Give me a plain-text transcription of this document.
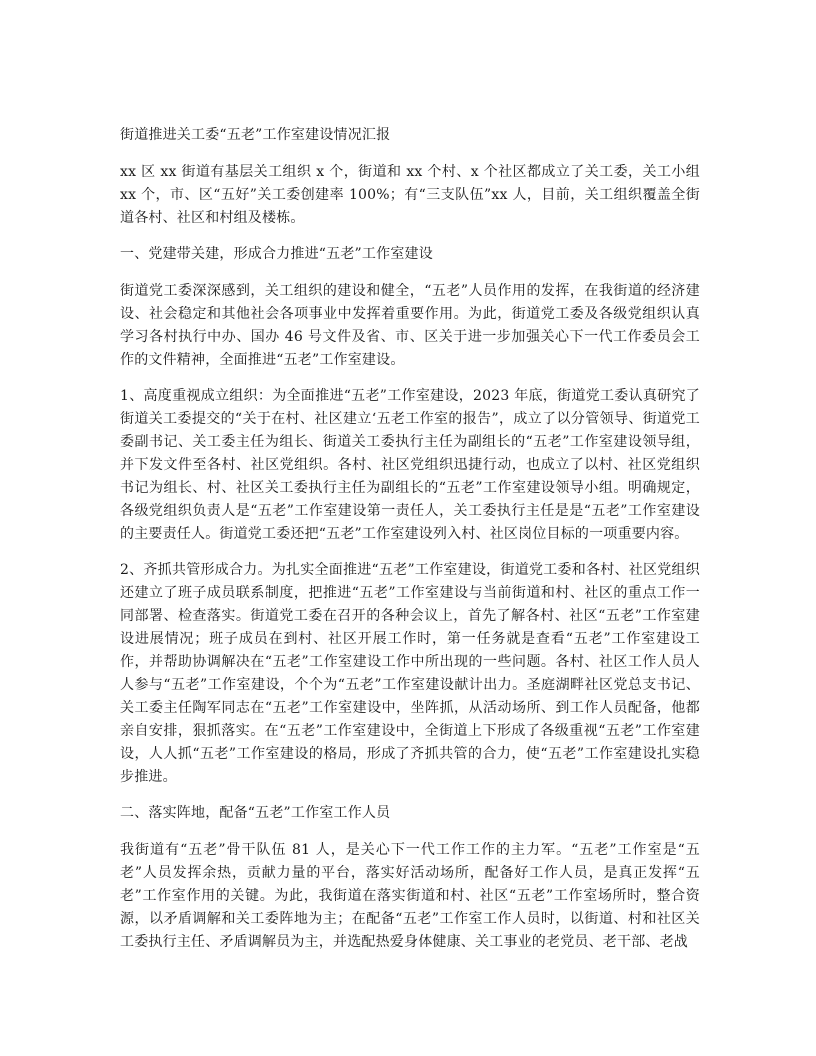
街道推进关工委“五老”工作室建设情况汇报

xx 区 xx 街道有基层关工组织 x 个，街道和 xx 个村、x 个社区都成立了关工委，关工小组 xx 个，市、区“五好”关工委创建率 100%；有“三支队伍”xx 人，目前，关工组织覆盖全街道各村、社区和村组及楼栋。

一、党建带关建，形成合力推进“五老”工作室建设

街道党工委深深感到，关工组织的建设和健全，“五老”人员作用的发挥，在我街道的经济建设、社会稳定和其他社会各项事业中发挥着重要作用。为此，街道党工委及各级党组织认真学习各村执行中办、国办 46 号文件及省、市、区关于进一步加强关心下一代工作委员会工作的文件精神，全面推进“五老”工作室建设。

1、高度重视成立组织：为全面推进“五老”工作室建设，2023 年底，街道党工委认真研究了街道关工委提交的“关于在村、社区建立‘五老工作室的报告”，成立了以分管领导、街道党工委副书记、关工委主任为组长、街道关工委执行主任为副组长的“五老”工作室建设领导组，并下发文件至各村、社区党组织。各村、社区党组织迅捷行动，也成立了以村、社区党组织书记为组长、村、社区关工委执行主任为副组长的“五老”工作室建设领导小组。明确规定，各级党组织负责人是“五老”工作室建设第一责任人，关工委执行主任是是“五老”工作室建设的主要责任人。街道党工委还把“五老”工作室建设列入村、社区岗位目标的一项重要内容。

2、齐抓共管形成合力。为扎实全面推进“五老”工作室建设，街道党工委和各村、社区党组织还建立了班子成员联系制度，把推进“五老”工作室建设与当前街道和村、社区的重点工作一同部署、检查落实。街道党工委在召开的各种会议上，首先了解各村、社区“五老”工作室建设进展情况；班子成员在到村、社区开展工作时，第一任务就是查看“五老”工作室建设工作，并帮助协调解决在“五老”工作室建设工作中所出现的一些问题。各村、社区工作人员人人参与“五老”工作室建设，个个为“五老”工作室建设献计出力。圣庭湖畔社区党总支书记、关工委主任陶军同志在“五老”工作室建设中，坐阵抓，从活动场所、到工作人员配备，他都亲自安排，狠抓落实。在“五老”工作室建设中，全街道上下形成了各级重视“五老”工作室建设，人人抓“五老”工作室建设的格局，形成了齐抓共管的合力，使“五老”工作室建设扎实稳步推进。

二、落实阵地，配备“五老”工作室工作人员

我街道有“五老”骨干队伍 81 人，是关心下一代工作工作的主力军。“五老”工作室是“五老”人员发挥余热，贡献力量的平台，落实好活动场所，配备好工作人员，是真正发挥“五老”工作室作用的关键。为此，我街道在落实街道和村、社区“五老”工作室场所时，整合资源，以矛盾调解和关工委阵地为主；在配备“五老”工作室工作人员时，以街道、村和社区关工委执行主任、矛盾调解员为主，并选配热爱身体健康、关工事业的老党员、老干部、老战
